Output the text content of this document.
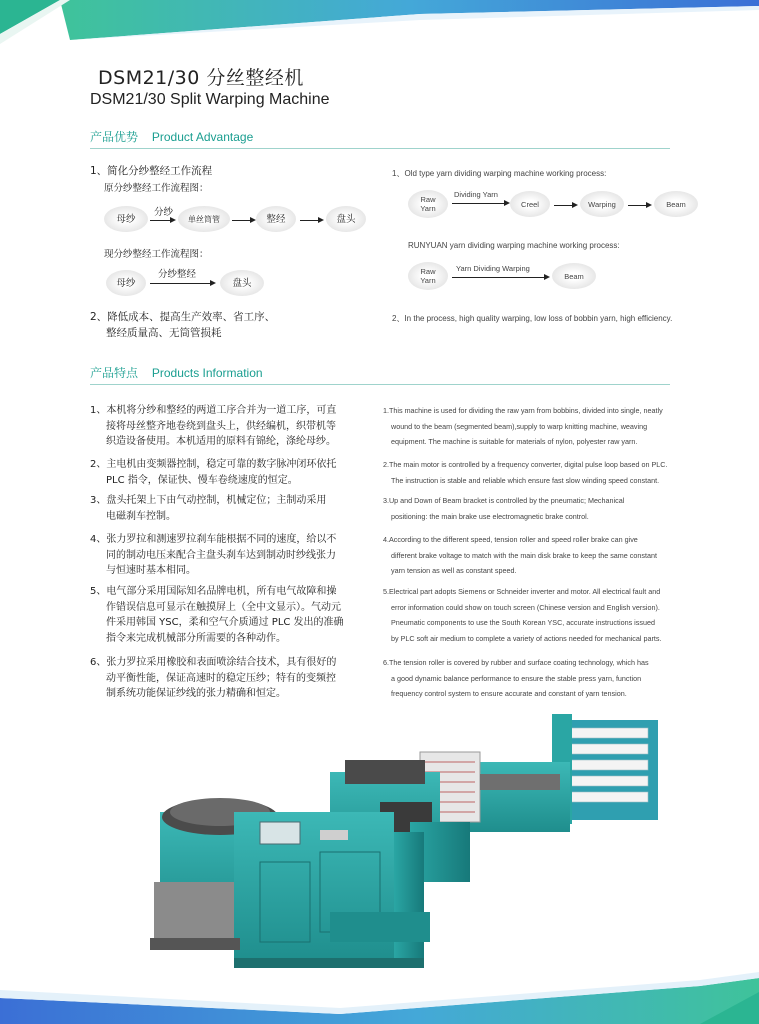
DSM21/30 分丝整经机
DSM21/30 Split Warping Machine
产品优势 Product Advantage
1、简化分纱整经工作流程
原分纱整经工作流程图：
母纱
分纱
单丝筒管	整经	盘头
现分纱整经工作流程图：
母纱
分纱整经
盘头
1、Old type yarn dividing warping machine working process:
Raw
Yarn
Dividing Yarn
Creel	Warping	Beam
RUNYUAN yarn dividing warping machine working process:
Raw
Yarn
Yarn Dividing Warping
Beam
2、降低成本、提高生产效率、省工序、
整经质量高、无筒管损耗
2、In the process, high quality warping, low loss of bobbin yarn, high efficiency.
产品特点 Products Information
1、本机将分纱和整经的两道工序合并为一道工序，可直
接将母丝整齐地卷绕到盘头上，供经编机，织带机等
织造设备使用。本机适用的原料有锦纶，涤纶母纱。
2、主电机由变频器控制，稳定可靠的数字脉冲闭环依托
PLC 指令，保证快、慢车卷绕速度的恒定。
3、盘头托架上下由气动控制，机械定位；主制动采用
电磁刹车控制。
4、张力罗拉和测速罗拉刹车能根据不同的速度，给以不
同的制动电压来配合主盘头刹车达到制动时纱线张力
与恒速时基本相同。
5、电气部分采用国际知名品牌电机，所有电气故障和操
作错误信息可显示在触摸屏上（全中文显示）。气动元
件采用韩国 YSC，柔和空气介质通过 PLC 发出的准确
指令来完成机械部分所需要的各种动作。
6、张力罗拉采用橡胶和表面喷涂结合技术，具有很好的
动平衡性能，保证高速时的稳定压纱；特有的变频控
制系统功能保证纱线的张力精确和恒定。
1.This machine is used for dividing the raw yarn from bobbins, divided into single, neatly
wound to the beam (segmented beam),supply to warp knitting machine, weaving
equipment. The machine is suitable for materials of nylon, polyester raw yarn.
2.The main motor is controlled by a frequency converter, digital pulse loop based on PLC.
The instruction is stable and reliable which ensure fast slow winding speed constant.
3.Up and Down of Beam bracket is controlled by the pneumatic; Mechanical
positioning: the main brake use electromagnetic brake control.
4.According to the different speed, tension roller and speed roller brake can give
different brake voltage to match with the main disk brake to keep the same constant
yarn tension as well as constant speed.
5.Electrical part adopts Siemens or Schneider inverter and motor. All electrical fault and
error information could show on touch screen (Chinese version and English version).
Pneumatic components to use the South Korean YSC, accurate instructions issued
by PLC soft air medium to complete a variety of actions needed for mechanical parts.
6.The tension roller is covered by rubber and surface coating technology, which has
a good dynamic balance performance to ensure the stable press yarn, function
frequency control system to ensure accurate and constant of yarn tension.
